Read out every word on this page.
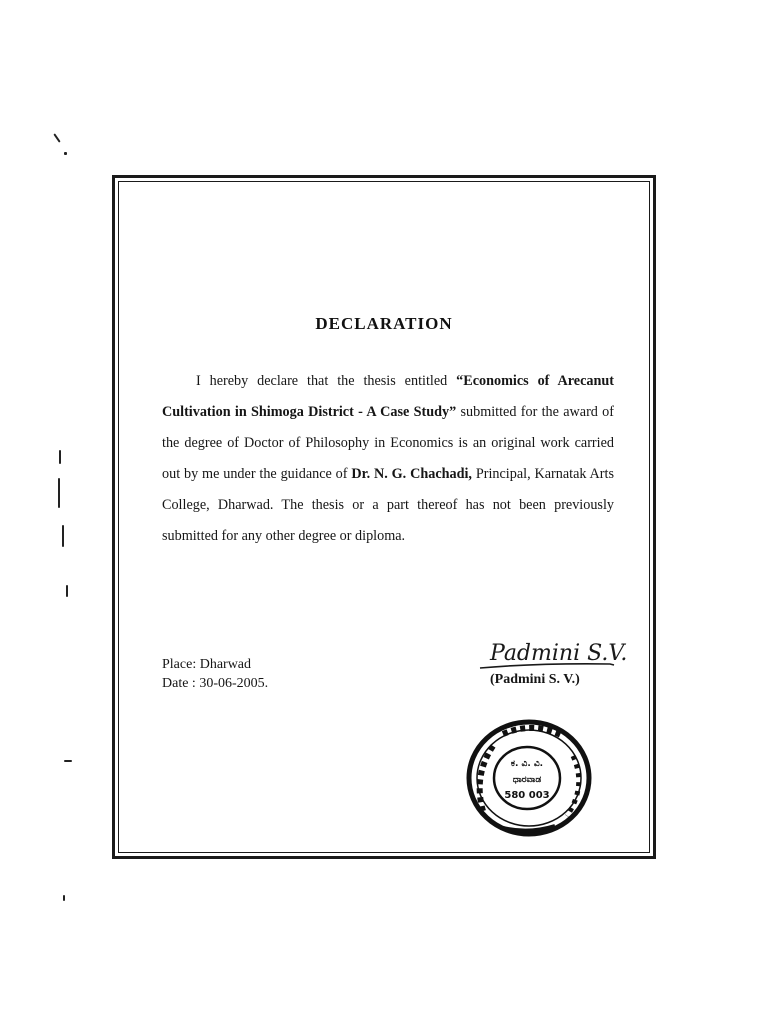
DECLARATION

I hereby declare that the thesis entitled “Economics of Arecanut Cultivation in Shimoga District - A Case Study” submitted for the award of the degree of Doctor of Philosophy in Economics is an original work carried out by me under the guidance of Dr. N. G. Chachadi, Principal, Karnatak Arts College, Dharwad. The thesis or a part thereof has not been previously submitted for any other degree or diploma.

Place: Dharwad
Date : 30-06-2005.
Padmini S.V.
(Padmini S. V.)
ಕ. ವಿ. ವಿ.
ಧಾರವಾಡ
580 003
